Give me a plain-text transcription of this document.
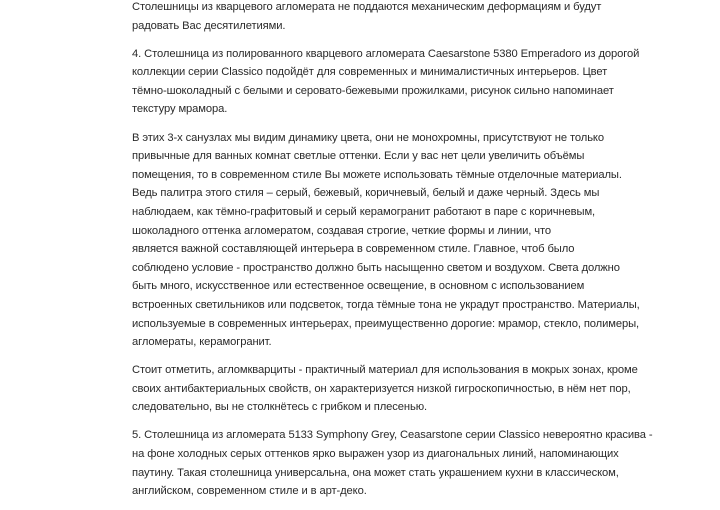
Столешницы из кварцевого агломерата не поддаются механическим деформациям и будут
радовать Вас десятилетиями.

4. Столешница из полированного кварцевого агломерата Caesarstone 5380 Emperadoro из дорогой
коллекции серии Classico подойдёт для современных и минималистичных интерьеров. Цвет
тёмно-шоколадный с белыми и серовато-бежевыми прожилками, рисунок сильно напоминает
текстуру мрамора.

В этих 3-х санузлах мы видим динамику цвета, они не монохромны, присутствуют не только
привычные для ванных комнат светлые оттенки. Если у вас нет цели увеличить объёмы
помещения, то в современном стиле Вы можете использовать тёмные отделочные материалы.
Ведь палитра этого стиля – серый, бежевый, коричневый, белый и даже черный. Здесь мы
наблюдаем, как тёмно-графитовый и серый керамогранит работают в паре с коричневым,
шоколадного оттенка агломератом, создавая строгие, четкие формы и линии, что
является важной составляющей интерьера в современном стиле. Главное, чтоб было
соблюдено условие - пространство должно быть насыщенно светом и воздухом. Света должно
быть много, искусственное или естественное освещение, в основном с использованием
встроенных светильников или подсветок, тогда тёмные тона не украдут пространство. Материалы,
используемые в современных интерьерах, преимущественно дорогие: мрамор, стекло, полимеры,
агломераты, керамогранит.

Стоит отметить, агломкварциты - практичный материал для использования в мокрых зонах, кроме
своих антибактериальных свойств, он характеризуется низкой гигроскопичностью, в нём нет пор,
следовательно, вы не столкнётесь с грибком и плесенью.

5. Столешница из агломерата 5133 Symphony Grey, Ceasarstone серии Classico невероятно красива -
на фоне холодных серых оттенков ярко выражен узор из диагональных линий, напоминающих
паутину. Такая столешница универсальна, она может стать украшением кухни в классическом,
английском, современном стиле и в арт-деко.
